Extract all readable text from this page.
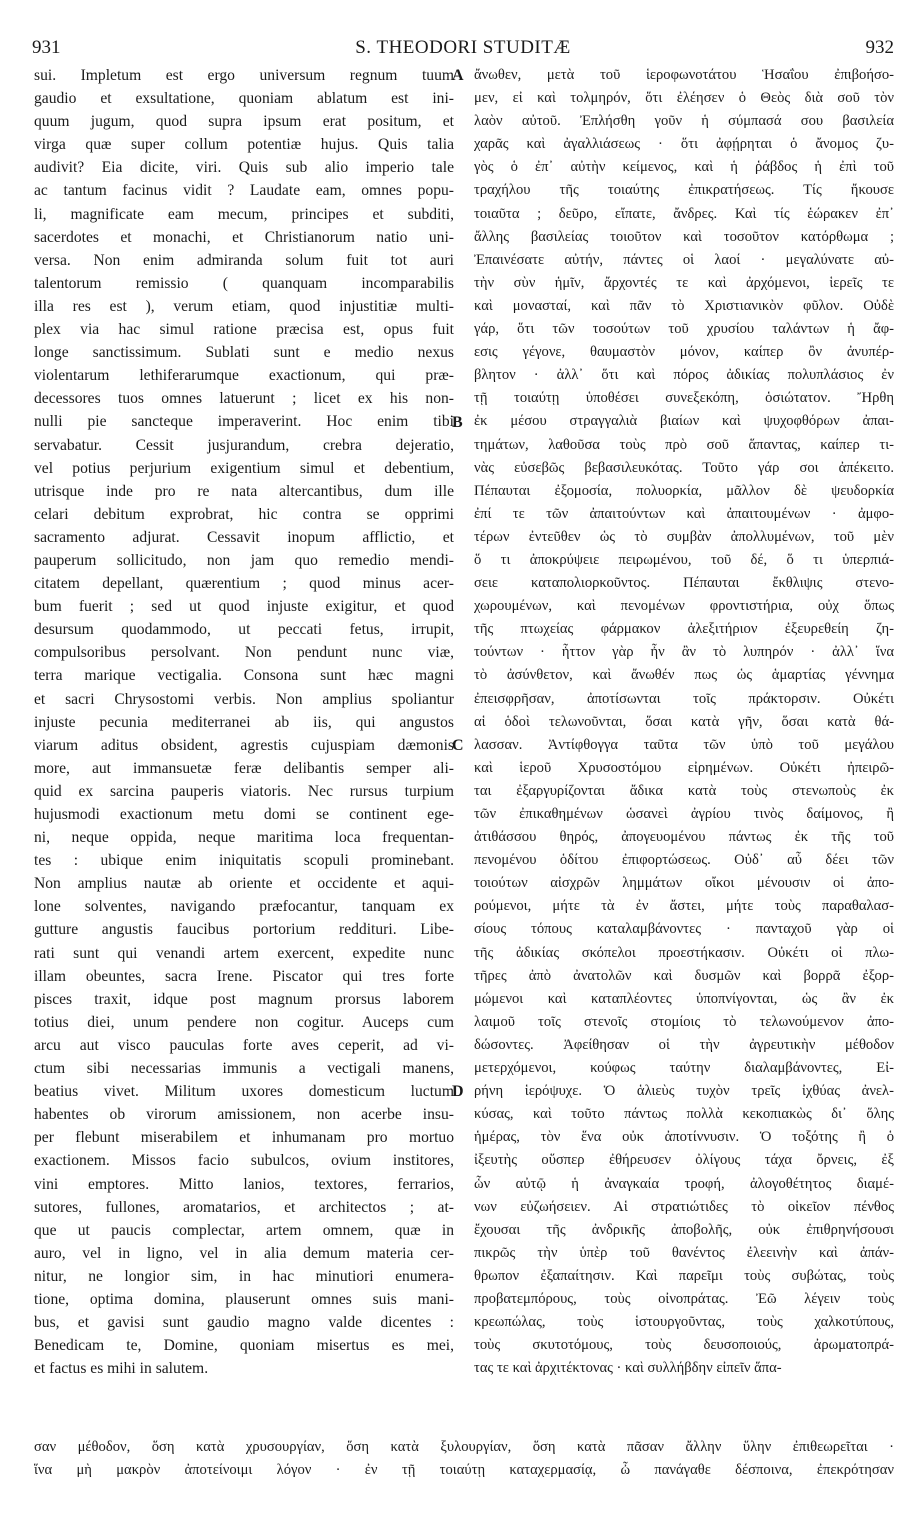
S. THEODORI STUDITÆ
931	932
sui. Impletum est ergo universum regnum tuum
gaudio et exsultatione, quoniam ablatum est ini-
quum jugum, quod supra ipsum erat positum, et
virga quæ super collum potentiæ hujus. Quis talia
audivit? Eia dicite, viri. Quis sub alio imperio tale
ac tantum facinus vidit ? Laudate eam, omnes popu-
li, magnificate eam mecum, principes et subditi,
sacerdotes et monachi, et Christianorum natio uni-
versa. Non enim admiranda solum fuit tot auri
talentorum remissio ( quanquam incomparabilis
illa res est ), verum etiam, quod injustitiæ multi-
plex via hac simul ratione præcisa est, opus fuit
longe sanctissimum. Sublati sunt e medio nexus
violentarum lethiferarumque exactionum, qui præ-
decessores tuos omnes latuerunt ; licet ex his non-
nulli pie sancteque imperaverint. Hoc enim tibi
servabatur. Cessit jusjurandum, crebra dejeratio,
vel potius perjurium exigentium simul et debentium,
utrisque inde pro re nata altercantibus, dum ille
celari debitum exprobrat, hic contra se opprimi
sacramento adjurat. Cessavit inopum afflictio, et
pauperum sollicitudo, non jam quo remedio mendi-
citatem depellant, quærentium ; quod minus acer-
bum fuerit ; sed ut quod injuste exigitur, et quod
desursum quodammodo, ut peccati fetus, irrupit,
compulsoribus persolvant. Non pendunt nunc viæ,
terra marique vectigalia. Consona sunt hæc magni
et sacri Chrysostomi verbis. Non amplius spoliantur
injuste pecunia mediterranei ab iis, qui angustos
viarum aditus obsident, agrestis cujuspiam dæmonis
more, aut immansuetæ feræ delibantis semper ali-
quid ex sarcina pauperis viatoris. Nec rursus turpium
hujusmodi exactionum metu domi se continent ege-
ni, neque oppida, neque maritima loca frequentan-
tes : ubique enim iniquitatis scopuli prominebant.
Non amplius nautæ ab oriente et occidente et aqui-
lone solventes, navigando præfocantur, tanquam ex
gutture angustis faucibus portorium reddituri. Libe-
rati sunt qui venandi artem exercent, expedite nunc
illam obeuntes, sacra Irene. Piscator qui tres forte
pisces traxit, idque post magnum prorsus laborem
totius diei, unum pendere non cogitur. Auceps cum
arcu aut visco pauculas forte aves ceperit, ad vi-
ctum sibi necessarias immunis a vectigali manens,
beatius vivet. Militum uxores domesticum luctum
habentes ob virorum amissionem, non acerbe insu-
per flebunt miserabilem et inhumanam pro mortuo
exactionem. Missos facio subulcos, ovium institores,
vini emptores. Mitto lanios, textores, ferrarios,
sutores, fullones, aromatarios, et architectos ; at-
que ut paucis complectar, artem omnem, quæ in
auro, vel in ligno, vel in alia demum materia cer-
nitur, ne longior sim, in hac minutiori enumera-
tione, optima domina, plauserunt omnes suis mani-
bus, et gavisi sunt gaudio magno valde dicentes :
Benedicam te, Domine, quoniam misertus es mei,
et factus es mihi in salutem.
A
B
C
D
ἄνωθεν, μετὰ τοῦ ἱεροφωνοτάτου Ἡσαΐου ἐπιβοήσο-
μεν, εἰ καὶ τολμηρόν, ὅτι ἐλέησεν ὁ Θεὸς διὰ σοῦ τὸν
λαὸν αὐτοῦ. Ἐπλήσθη γοῦν ἡ σύμπασά σου βασιλεία
χαρᾶς καὶ ἀγαλλιάσεως · ὅτι ἀφῄρηται ὁ ἄνομος ζυ-
γὸς ὁ ἐπ᾽ αὐτὴν κείμενος, καὶ ἡ ῥάβδος ἡ ἐπὶ τοῦ
τραχήλου τῆς τοιαύτης ἐπικρατήσεως. Τίς ἤκουσε
τοιαῦτα ; δεῦρο, εἴπατε, ἄνδρες. Καὶ τίς ἑώρακεν ἐπ᾽
ἄλλης βασιλείας τοιοῦτον καὶ τοσοῦτον κατόρθωμα ;
Ἐπαινέσατε αὐτήν, πάντες οἱ λαοί · μεγαλύνατε αὐ-
τὴν σὺν ἡμῖν, ἄρχοντές τε καὶ ἀρχόμενοι, ἱερεῖς τε
καὶ μονασταί, καὶ πᾶν τὸ Χριστιανικὸν φῦλον. Οὐδὲ
γάρ, ὅτι τῶν τοσούτων τοῦ χρυσίου ταλάντων ἡ ἄφ-
εσις γέγονε, θαυμαστὸν μόνον, καίπερ ὂν ἀνυπέρ-
βλητον · ἀλλ᾽ ὅτι καὶ πόρος ἀδικίας πολυπλάσιος ἐν
τῇ τοιαύτῃ ὑποθέσει συνεξεκόπη, ὁσιώτατον. Ἤρθη
ἐκ μέσου στραγγαλιὰ βιαίων καὶ ψυχοφθόρων ἀπαι-
τημάτων, λαθοῦσα τοὺς πρὸ σοῦ ἅπαντας, καίπερ τι-
νὰς εὐσεβῶς βεβασιλευκότας. Τοῦτο γάρ σοι ἀπέκειτο.
Πέπαυται ἐξομοσία, πολυορκία, μᾶλλον δὲ ψευδορκία
ἐπί τε τῶν ἀπαιτούντων καὶ ἀπαιτουμένων · ἀμφο-
τέρων ἐντεῦθεν ὡς τὸ συμβὰν ἀπολλυμένων, τοῦ μὲν
ὅ τι ἀποκρύψειε πειρωμένου, τοῦ δέ, ὅ τι ὑπερπιά-
σειε καταπολιορκοῦντος. Πέπαυται ἔκθλιψις στενο-
χωρουμένων, καὶ πενομένων φροντιστήρια, οὐχ ὅπως
τῆς πτωχείας φάρμακον ἀλεξιτήριον ἐξευρεθείη ζη-
τούντων · ἧττον γὰρ ἦν ἂν τὸ λυπηρόν · ἀλλ᾽ ἵνα
τὸ ἀσύνθετον, καὶ ἄνωθέν πως ὡς ἁμαρτίας γέννημα
ἐπεισφρῆσαν, ἀποτίσωνται τοῖς πράκτορσιν. Οὐκέτι
αἱ ὁδοὶ τελωνοῦνται, ὅσαι κατὰ γῆν, ὅσαι κατὰ θά-
λασσαν. Ἀντίφθογγα ταῦτα τῶν ὑπὸ τοῦ μεγάλου
καὶ ἱεροῦ Χρυσοστόμου εἰρημένων. Οὐκέτι ἠπειρῶ-
ται ἐξαργυρίζονται ἄδικα κατὰ τοὺς στενωποὺς ἐκ
τῶν ἐπικαθημένων ὡσανεὶ ἀγρίου τινὸς δαίμονος, ἢ
ἀτιθάσσου θηρός, ἀπογευομένου πάντως ἐκ τῆς τοῦ
πενομένου ὁδίτου ἐπιφορτώσεως. Οὐδ᾽ αὖ δέει τῶν
τοιούτων αἰσχρῶν λημμάτων οἴκοι μένουσιν οἱ ἀπο-
ρούμενοι, μήτε τὰ ἐν ἄστει, μήτε τοὺς παραθαλασ-
σίους τόπους καταλαμβάνοντες · πανταχοῦ γὰρ οἱ
τῆς ἀδικίας σκόπελοι προεστήκασιν. Οὐκέτι οἱ πλω-
τῆρες ἀπὸ ἀνατολῶν καὶ δυσμῶν καὶ βορρᾶ ἐξορ-
μώμενοι καὶ καταπλέοντες ὑποπνίγονται, ὡς ἂν ἐκ
λαιμοῦ τοῖς στενοῖς στομίοις τὸ τελωνούμενον ἀπο-
δώσοντες. Ἀφείθησαν οἱ τὴν ἀγρευτικὴν μέθοδον
μετερχόμενοι, κούφως ταύτην διαλαμβάνοντες, Εἰ-
ρήνη ἱερόψυχε. Ὁ ἁλιεὺς τυχὸν τρεῖς ἰχθύας ἀνελ-
κύσας, καὶ τοῦτο πάντως πολλὰ κεκοπιακὼς δι᾽ ὅλης
ἡμέρας, τὸν ἕνα οὐκ ἀποτίννυσιν. Ὁ τοξότης ἢ ὁ
ἰξευτὴς οὕσπερ ἐθήρευσεν ὀλίγους τάχα ὄρνεις, ἐξ
ὧν αὐτῷ ἡ ἀναγκαία τροφή, ἀλογοθέτητος διαμέ-
νων εὐζωήσειεν. Αἱ στρατιώτιδες τὸ οἰκεῖον πένθος
ἔχουσαι τῆς ἀνδρικῆς ἀποβολῆς, οὐκ ἐπιθρηνήσουσι
πικρῶς τὴν ὑπὲρ τοῦ θανέντος ἐλεεινὴν καὶ ἀπάν-
θρωπον ἐξαπαίτησιν. Καὶ παρεῖμι τοὺς συβώτας, τοὺς
προβατεμπόρους, τοὺς οἰνοπράτας. Ἐῶ λέγειν τοὺς
κρεωπώλας, τοὺς ἱστουργοῦντας, τοὺς χαλκοτύπους,
τοὺς σκυτοτόμους, τοὺς δευσοποιούς, ἀρωματοπρά-
τας τε καὶ ἀρχιτέκτονας · καὶ συλλήβδην εἰπεῖν ἅπα-
σαν μέθοδον, ὅση κατὰ χρυσουργίαν, ὅση κατὰ ξυλουργίαν, ὅση κατὰ πᾶσαν ἄλλην ὕλην ἐπιθεωρεῖται ·
ἵνα μὴ μακρὸν ἀποτείνοιμι λόγον · ἐν τῇ τοιαύτῃ καταχερμασίᾳ, ὦ πανάγαθε δέσποινα, ἐπεκρότησαν
